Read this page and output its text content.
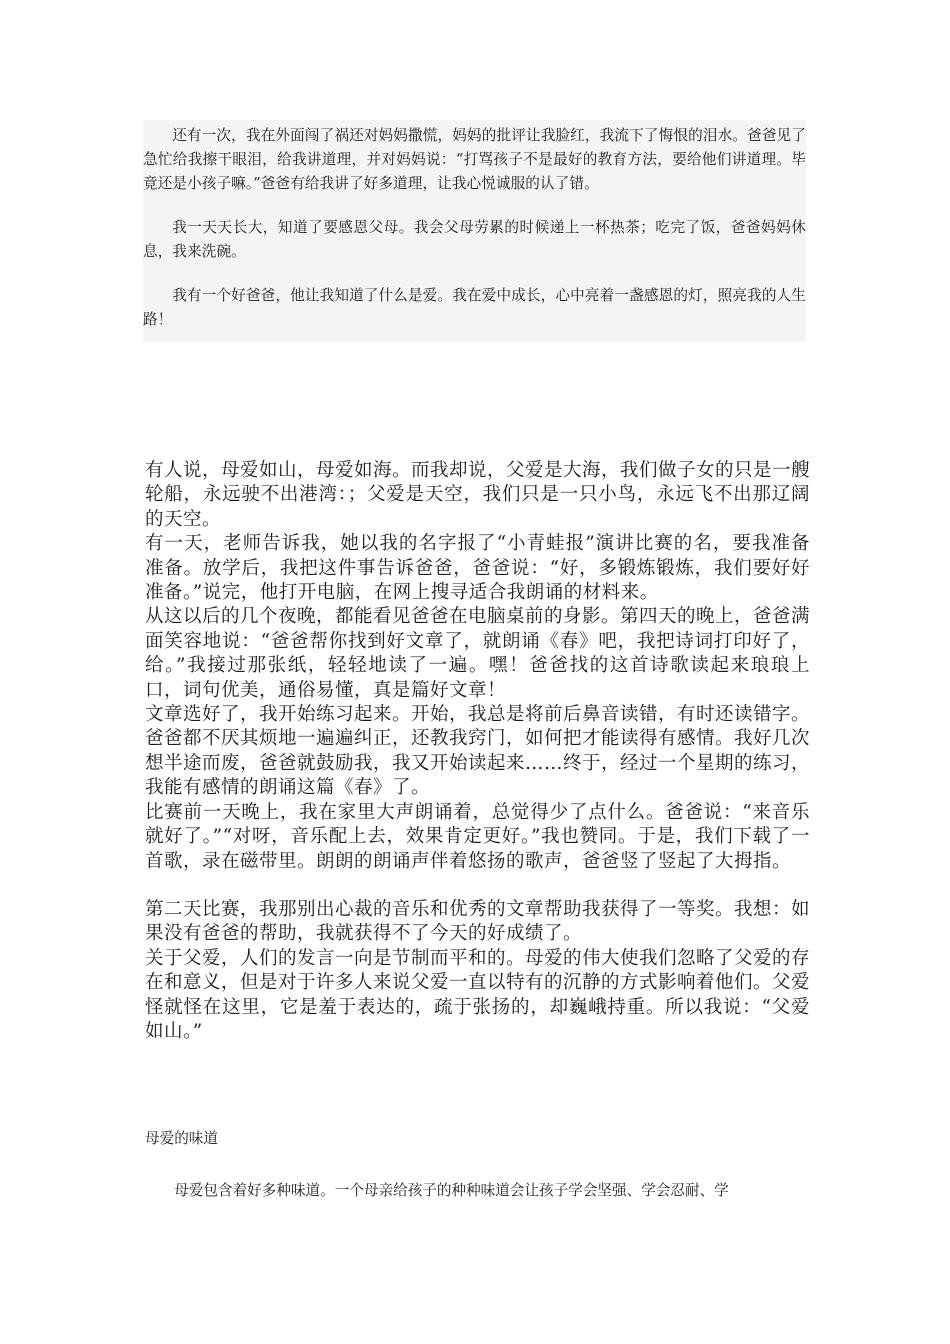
还有一次，我在外面闯了祸还对妈妈撒慌，妈妈的批评让我脸红，我流下了悔恨的泪水。爸爸见了急忙给我擦干眼泪，给我讲道理，并对妈妈说：“打骂孩子不是最好的教育方法，要给他们讲道理。毕竟还是小孩子嘛。”爸爸有给我讲了好多道理，让我心悦诚服的认了错。

我一天天长大，知道了要感恩父母。我会父母劳累的时候递上一杯热茶；吃完了饭，爸爸妈妈休息，我来洗碗。

我有一个好爸爸，他让我知道了什么是爱。我在爱中成长，心中亮着一盏感恩的灯，照亮我的人生路！

有人说，母爱如山，母爱如海。而我却说，父爱是大海，我们做子女的只是一艘轮船，永远驶不出港湾：；父爱是天空，我们只是一只小鸟，永远飞不出那辽阔的天空。

有一天，老师告诉我，她以我的名字报了“小青蛙报”演讲比赛的名，要我准备准备。放学后，我把这件事告诉爸爸，爸爸说：“好，多锻炼锻炼，我们要好好准备。”说完，他打开电脑，在网上搜寻适合我朗诵的材料来。

从这以后的几个夜晚，都能看见爸爸在电脑桌前的身影。第四天的晚上，爸爸满面笑容地说：“爸爸帮你找到好文章了，就朗诵《春》吧，我把诗词打印好了，给。”我接过那张纸，轻轻地读了一遍。嘿！爸爸找的这首诗歌读起来琅琅上口，词句优美，通俗易懂，真是篇好文章！

文章选好了，我开始练习起来。开始，我总是将前后鼻音读错，有时还读错字。爸爸都不厌其烦地一遍遍纠正，还教我窍门，如何把才能读得有感情。我好几次想半途而废，爸爸就鼓励我，我又开始读起来……终于，经过一个星期的练习，我能有感情的朗诵这篇《春》了。

比赛前一天晚上，我在家里大声朗诵着，总觉得少了点什么。爸爸说：“来音乐就好了。”“对呀，音乐配上去，效果肯定更好。”我也赞同。于是，我们下载了一首歌，录在磁带里。朗朗的朗诵声伴着悠扬的歌声，爸爸竖了竖起了大拇指。

第二天比赛，我那别出心裁的音乐和优秀的文章帮助我获得了一等奖。我想：如果没有爸爸的帮助，我就获得不了今天的好成绩了。

关于父爱，人们的发言一向是节制而平和的。母爱的伟大使我们忽略了父爱的存在和意义，但是对于许多人来说父爱一直以特有的沉静的方式影响着他们。父爱怪就怪在这里，它是羞于表达的，疏于张扬的，却巍峨持重。所以我说：“父爱如山。”

母爱的味道

母爱包含着好多种味道。一个母亲给孩子的种种味道会让孩子学会坚强、学会忍耐、学
